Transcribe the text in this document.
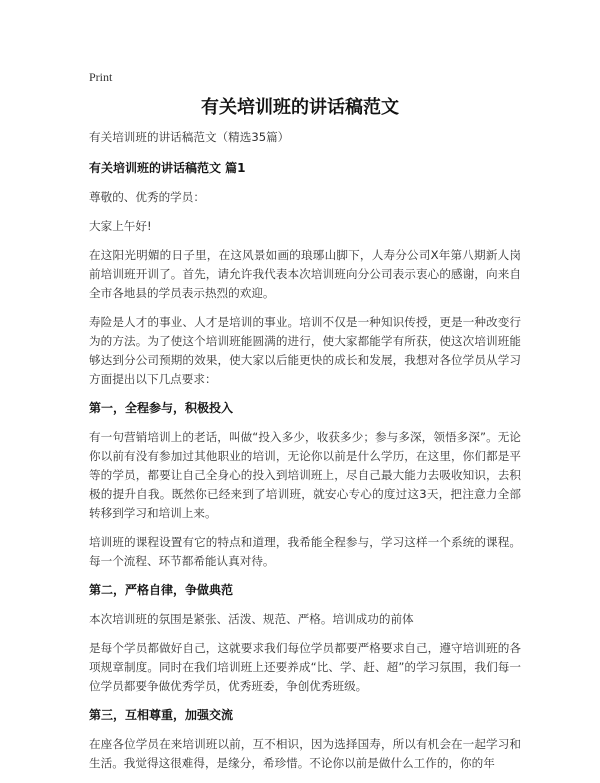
Print
有关培训班的讲话稿范文

有关培训班的讲话稿范文（精选35篇）

有关培训班的讲话稿范文 篇1

尊敬的、优秀的学员：

大家上午好!

在这阳光明媚的日子里，在这风景如画的琅琊山脚下，人寿分公司X年第八期新人岗前培训班开训了。首先，请允许我代表本次培训班向分公司表示衷心的感谢，向来自全市各地县的学员表示热烈的欢迎。

寿险是人才的事业、人才是培训的事业。培训不仅是一种知识传授，更是一种改变行为的方法。为了使这个培训班能圆满的进行，使大家都能学有所获，使这次培训班能够达到分公司预期的效果，使大家以后能更快的成长和发展，我想对各位学员从学习方面提出以下几点要求：

第一，全程参与，积极投入

有一句营销培训上的老话，叫做“投入多少，收获多少；参与多深，领悟多深”。无论你以前有没有参加过其他职业的培训，无论你以前是什么学历，在这里，你们都是平等的学员，都要让自己全身心的投入到培训班上，尽自己最大能力去吸收知识，去积极的提升自我。既然你已经来到了培训班，就安心专心的度过这3天，把注意力全部转移到学习和培训上来。

培训班的课程设置有它的特点和道理，我希能全程参与，学习这样一个系统的课程。每一个流程、环节都希能认真对待。

第二，严格自律，争做典范

本次培训班的氛围是紧张、活泼、规范、严格。培训成功的前体

是每个学员都做好自己，这就要求我们每位学员都要严格要求自己，遵守培训班的各项规章制度。同时在我们培训班上还要养成“比、学、赶、超”的学习氛围，我们每一位学员都要争做优秀学员，优秀班委，争创优秀班级。

第三，互相尊重，加强交流

在座各位学员在来培训班以前，互不相识，因为选择国寿，所以有机会在一起学习和生活。我觉得这很难得，是缘分，希珍惜。不论你以前是做什么工作的，你的年
